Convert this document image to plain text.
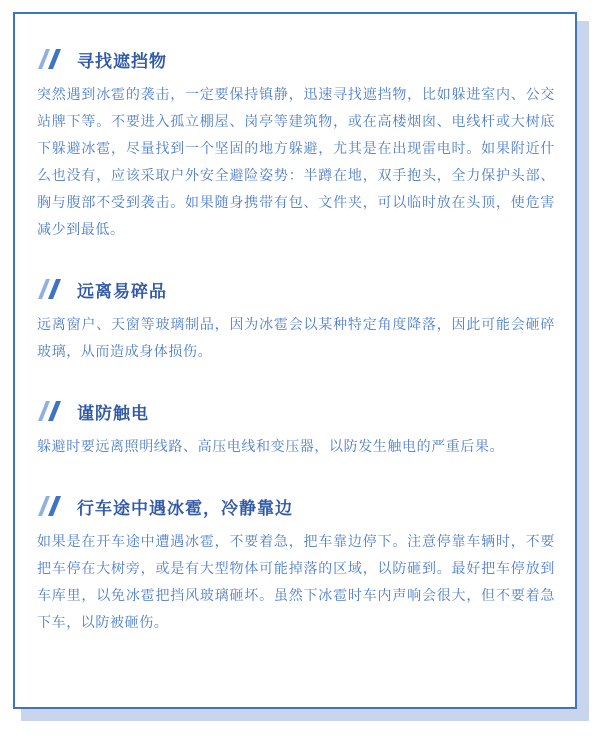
寻找遮挡物

突然遇到冰雹的袭击，一定要保持镇静，迅速寻找遮挡物，比如躲进室内、公交站牌下等。不要进入孤立棚屋、岗亭等建筑物，或在高楼烟囱、电线杆或大树底下躲避冰雹，尽量找到一个坚固的地方躲避，尤其是在出现雷电时。如果附近什么也没有，应该采取户外安全避险姿势：半蹲在地，双手抱头，全力保护头部、胸与腹部不受到袭击。如果随身携带有包、文件夹，可以临时放在头顶，使危害减少到最低。

远离易碎品

远离窗户、天窗等玻璃制品，因为冰雹会以某种特定角度降落，因此可能会砸碎玻璃，从而造成身体损伤。

谨防触电

躲避时要远离照明线路、高压电线和变压器，以防发生触电的严重后果。

行车途中遇冰雹，冷静靠边

如果是在开车途中遭遇冰雹，不要着急，把车靠边停下。注意停靠车辆时，不要把车停在大树旁，或是有大型物体可能掉落的区域，以防砸到。最好把车停放到车库里，以免冰雹把挡风玻璃砸坏。虽然下冰雹时车内声响会很大，但不要着急下车，以防被砸伤。
